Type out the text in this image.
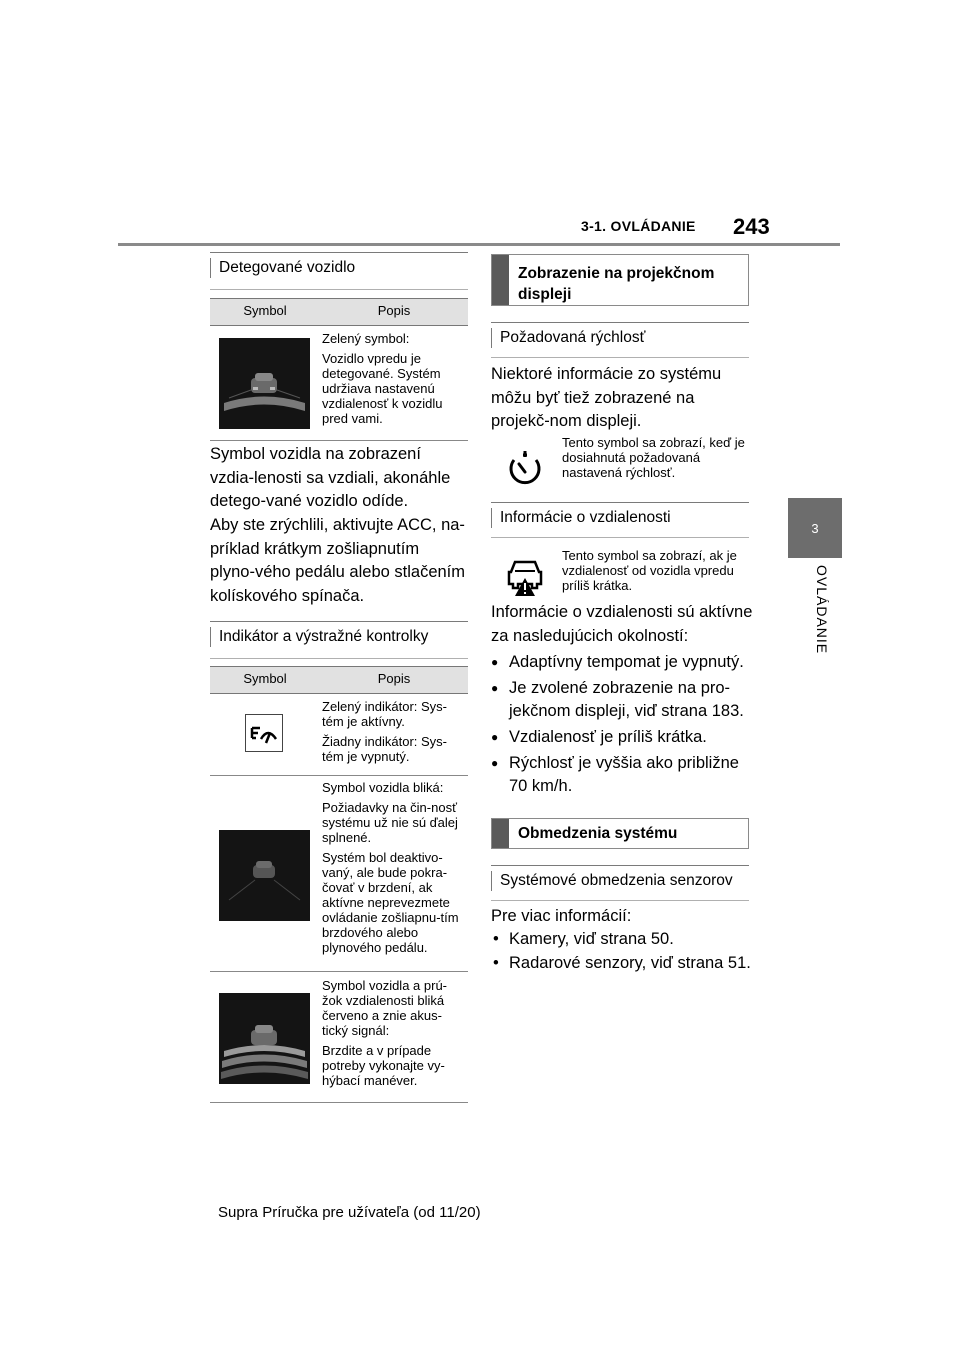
3-1. OVLÁDANIE 243
3
OVLÁDANIE
Detegované vozidlo
Symbol	Popis

Zelený symbol:

Vozidlo vpredu je detegované. Systém udržiava nastavenú vzdialenosť k vozidlu pred vami.

Symbol vozidla na zobrazení vzdia-lenosti sa vzdiali, akonáhle detego-vané vozidlo odíde.
Aby ste zrýchlili, aktivujte ACC, na-príklad krátkym zošliapnutím plyno-vého pedálu alebo stlačením kolískového spínača.
Indikátor a výstražné kontrolky
Symbol	Popis

Zelený indikátor: Sys-tém je aktívny.

Žiadny indikátor: Sys-tém je vypnutý.

Symbol vozidla bliká:

Požiadavky na čin-nosť systému už nie sú ďalej splnené.

Systém bol deaktivo-vaný, ale bude pokra-čovať v brzdení, ak aktívne neprevezmete ovládanie zošliapnu-tím brzdového alebo plynového pedálu.

Symbol vozidla a prú-žok vzdialenosti bliká červeno a znie akus-tický signál:

Brzdite a v prípade potreby vykonajte vy-hýbací manéver.

Zobrazenie na projekčnom displeji
Požadovaná rýchlosť
Niektoré informácie zo systému môžu byť tiež zobrazené na projekč-nom displeji.
Tento symbol sa zobrazí, keď je dosiahnutá požadovaná nastavená rýchlosť.
Informácie o vzdialenosti
Tento symbol sa zobrazí, ak je vzdialenosť od vozidla vpredu príliš krátka.
Informácie o vzdialenosti sú aktívne za nasledujúcich okolností:
● Adaptívny tempomat je vypnutý.
● Je zvolené zobrazenie na pro-jekčnom displeji, viď strana 183.
● Vzdialenosť je príliš krátka.
● Rýchlosť je vyššia ako približne 70 km/h.
Obmedzenia systému
Systémové obmedzenia senzorov
Pre viac informácií:
• Kamery, viď strana 50.
• Radarové senzory, viď strana 51.
Supra Príručka pre užívateľa (od 11/20)
